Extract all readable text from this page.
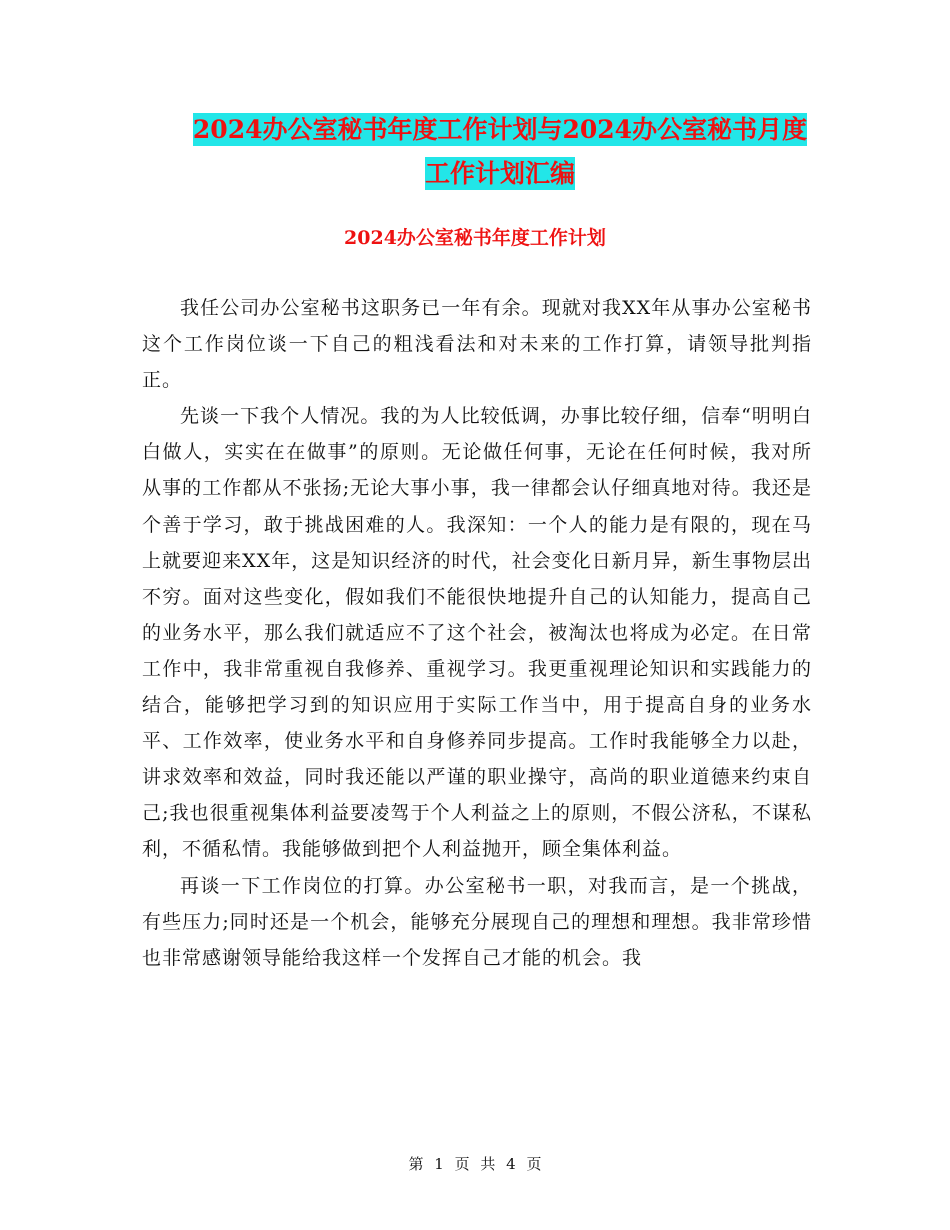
2024办公室秘书年度工作计划与2024办公室秘书月度
工作计划汇编
2024办公室秘书年度工作计划

我任公司办公室秘书这职务已一年有余。现就对我XX年从事办公室秘书这个工作岗位谈一下自己的粗浅看法和对未来的工作打算，请领导批判指正。

先谈一下我个人情况。我的为人比较低调，办事比较仔细，信奉“明明白白做人，实实在在做事”的原则。无论做任何事，无论在任何时候，我对所从事的工作都从不张扬;无论大事小事，我一律都会认仔细真地对待。我还是个善于学习，敢于挑战困难的人。我深知：一个人的能力是有限的，现在马上就要迎来XX年，这是知识经济的时代，社会变化日新月异，新生事物层出不穷。面对这些变化，假如我们不能很快地提升自己的认知能力，提高自己的业务水平，那么我们就适应不了这个社会，被淘汰也将成为必定。在日常工作中，我非常重视自我修养、重视学习。我更重视理论知识和实践能力的结合，能够把学习到的知识应用于实际工作当中，用于提高自身的业务水平、工作效率，使业务水平和自身修养同步提高。工作时我能够全力以赴，讲求效率和效益，同时我还能以严谨的职业操守，高尚的职业道德来约束自己;我也很重视集体利益要凌驾于个人利益之上的原则，不假公济私，不谋私利，不循私情。我能够做到把个人利益抛开，顾全集体利益。

再谈一下工作岗位的打算。办公室秘书一职，对我而言，是一个挑战，有些压力;同时还是一个机会，能够充分展现自己的理想和理想。我非常珍惜也非常感谢领导能给我这样一个发挥自己才能的机会。我

第 1 页 共 4 页
